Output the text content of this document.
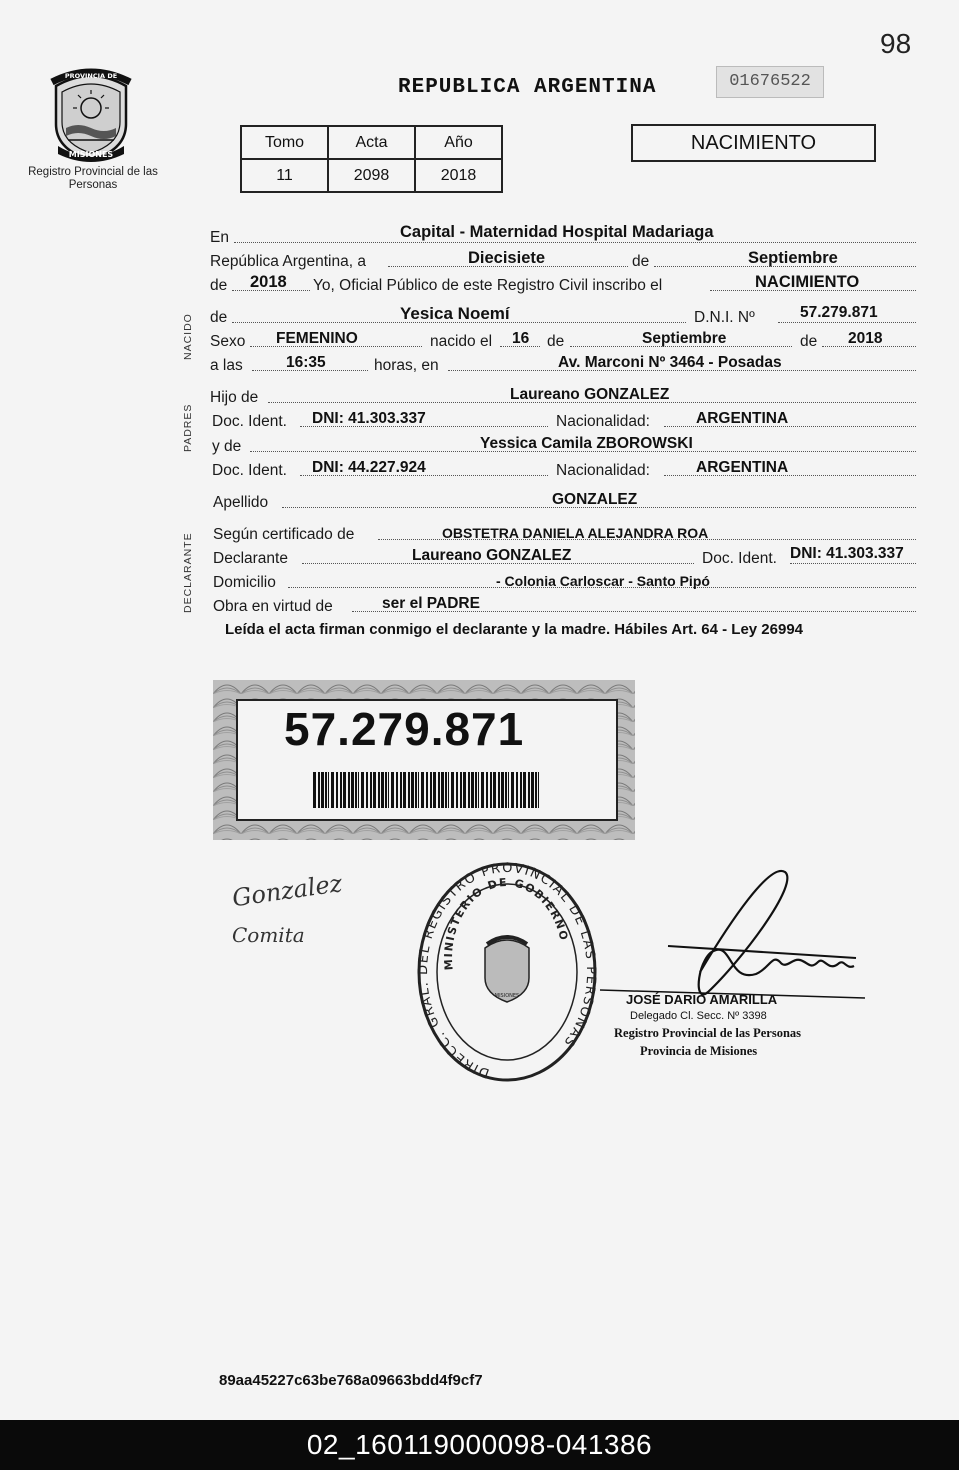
98
PROVINCIA DE
MISIONES
Registro Provincial de las Personas
REPUBLICA ARGENTINA	01676522
Tomo	Acta	Año
11	2098	2018
NACIMIENTO
NACIDO
PADRES
DECLARANTE
En	Capital - Maternidad Hospital Madariaga
República Argentina, a	Diecisiete	de	Septiembre
de 2018 Yo, Oficial Público de este Registro Civil inscribo el	NACIMIENTO
de	Yesica Noemí	D.N.I. Nº	57.279.871
Sexo FEMENINO	nacido el 16 de	Septiembre	de 2018
a las	16:35	horas, en	Av. Marconi Nº 3464 - Posadas
Hijo de	Laureano GONZALEZ
Doc. Ident. DNI: 41.303.337	Nacionalidad:	ARGENTINA
y de	Yessica Camila ZBOROWSKI
Doc. Ident. DNI: 44.227.924	Nacionalidad:	ARGENTINA
Apellido	GONZALEZ
Según certificado de	OBSTETRA DANIELA ALEJANDRA ROA
Declarante	Laureano GONZALEZ	Doc. Ident. DNI: 41.303.337
Domicilio	- Colonia Carloscar - Santo Pipó
Obra en virtud de	ser el PADRE
Leída el acta firman conmigo el declarante y la madre. Hábiles Art. 64 - Ley 26994
57.279.871
Gonzalez
Comita
DIRECC. GRAL. DEL REGISTRO PROVINCIAL DE LAS PERSONAS
MINISTERIO DE GOBIERNO
MISIONES	JOSÉ DARIO AMARILLA
Delegado Cl. Secc. Nº 3398
Registro Provincial de las Personas
Provincia de Misiones
89aa45227c63be768a09663bdd4f9cf7
02_160119000098-041386
